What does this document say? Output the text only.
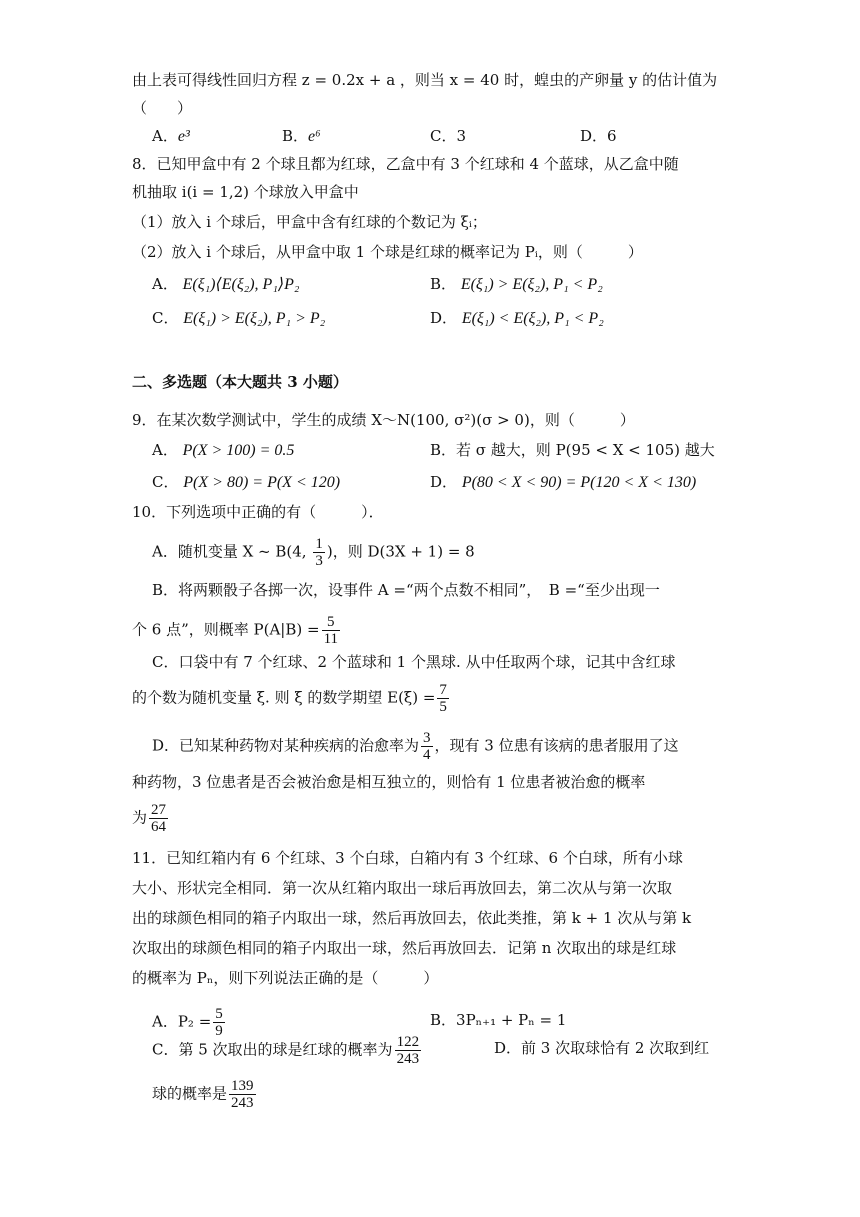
由上表可得线性回归方程 z = 0.2x + a ，则当 x = 40 时，蝗虫的产卵量 y 的估计值为
（　　）
A．e³	B．e⁶	C．3	D．6
8．已知甲盒中有 2 个球且都为红球，乙盒中有 3 个红球和 4 个蓝球，从乙盒中随
机抽取 i(i = 1,2) 个球放入甲盒中
（1）放入 i 个球后，甲盒中含有红球的个数记为 ξᵢ；
（2）放入 i 个球后，从甲盒中取 1 个球是红球的概率记为 Pᵢ，则（　　　）
A． E(ξ₁)⟨E(ξ₂), P₁⟩P₂	B． E(ξ₁) > E(ξ₂), P₁ < P₂
C． E(ξ₁) > E(ξ₂), P₁ > P₂	D． E(ξ₁) < E(ξ₂), P₁ < P₂
二、多选题（本大题共 3 小题）
9．在某次数学测试中，学生的成绩 X～N(100, σ²)(σ > 0)，则（　　　）
A． P(X > 100) = 0.5	B．若 σ 越大，则 P(95 < X < 105) 越大
C． P(X > 80) = P(X < 120)	D． P(80 < X < 90) = P(120 < X < 130)
10．下列选项中正确的有（　　　）．
A．随机变量 X ~ B(4, $\frac{1}{3}$ )，则 D(3X + 1) = 8
B．将两颗骰子各掷一次，设事件 A =“两个点数不相同”，　B =“至少出现一
个 6 点”，则概率 $P(A|B) = \frac{5}{11}$
C．口袋中有 7 个红球、2 个蓝球和 1 个黑球. 从中任取两个球，记其中含红球
的个数为随机变量 ξ. 则 ξ 的数学期望 $E(\xi) = \frac{7}{5}$
D．已知某种药物对某种疾病的治愈率为 $\frac{3}{4}$ ，现有 3 位患有该病的患者服用了这
种药物，3 位患者是否会被治愈是相互独立的，则恰有 1 位患者被治愈的概率
为 $\frac{27}{64}$
11．已知红箱内有 6 个红球、3 个白球，白箱内有 3 个红球、6 个白球，所有小球
大小、形状完全相同．第一次从红箱内取出一球后再放回去，第二次从与第一次取
出的球颜色相同的箱子内取出一球，然后再放回去，依此类推，第 k + 1 次从与第 k
次取出的球颜色相同的箱子内取出一球，然后再放回去．记第 n 次取出的球是红球
的概率为 Pₙ，则下列说法正确的是（　　　）
A．$P_2 = \frac{5}{9}$	B．3Pₙ₊₁ + Pₙ = 1
C．第 5 次取出的球是红球的概率为 $\frac{122}{243}$	D．前 3 次取球恰有 2 次取到红
球的概率是 $\frac{139}{243}$
